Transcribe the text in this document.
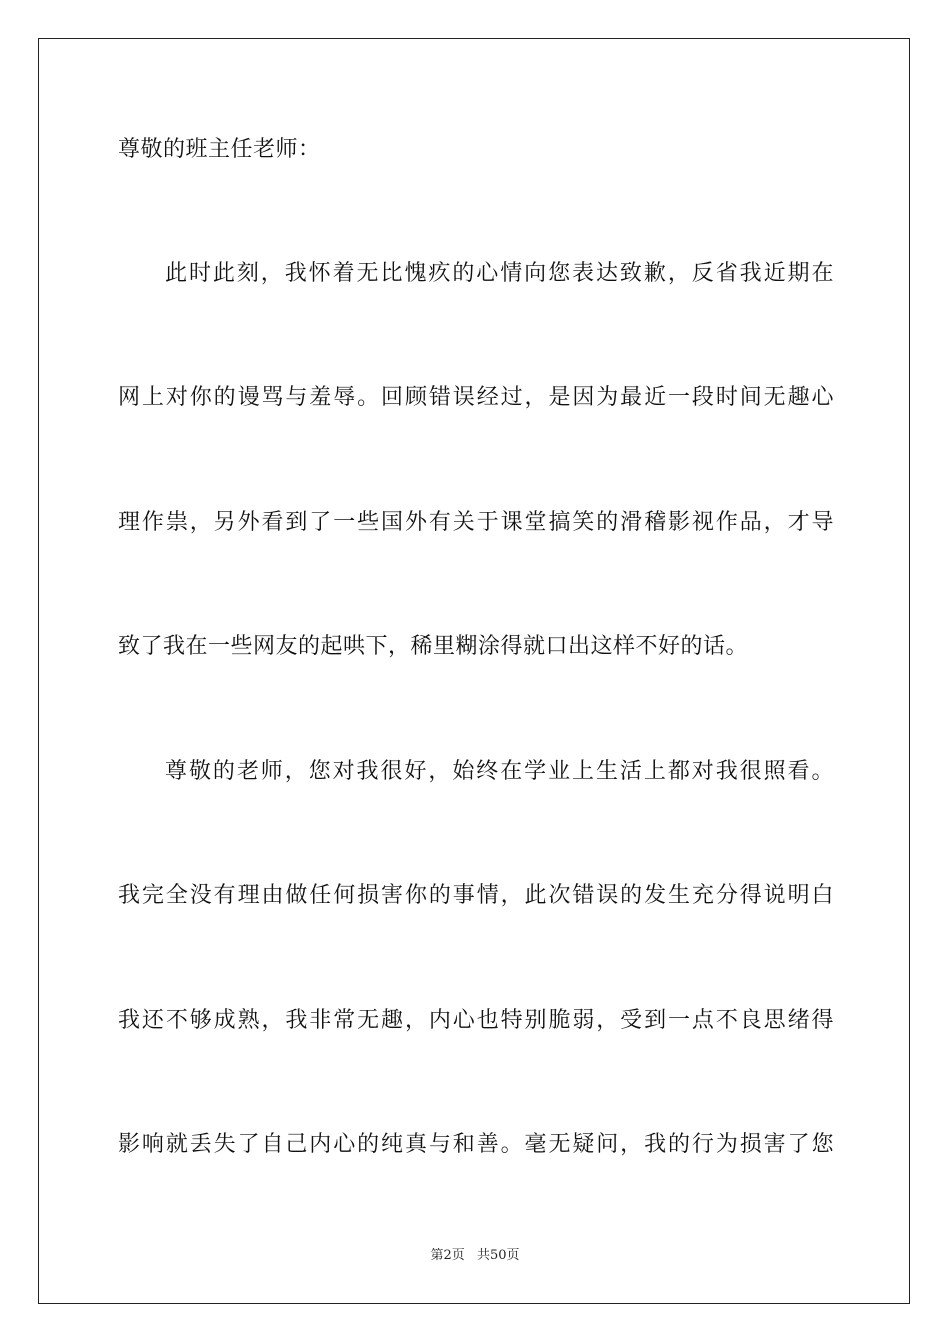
尊敬的班主任老师：
此时此刻，我怀着无比愧疚的心情向您表达致歉，反省我近期在
网上对你的谩骂与羞辱。回顾错误经过，是因为最近一段时间无趣心
理作祟，另外看到了一些国外有关于课堂搞笑的滑稽影视作品，才导
致了我在一些网友的起哄下，稀里糊涂得就口出这样不好的话。
尊敬的老师，您对我很好，始终在学业上生活上都对我很照看。
我完全没有理由做任何损害你的事情，此次错误的发生充分得说明白
我还不够成熟，我非常无趣，内心也特别脆弱，受到一点不良思绪得
影响就丢失了自己内心的纯真与和善。毫无疑问，我的行为损害了您
第2页 共50页
